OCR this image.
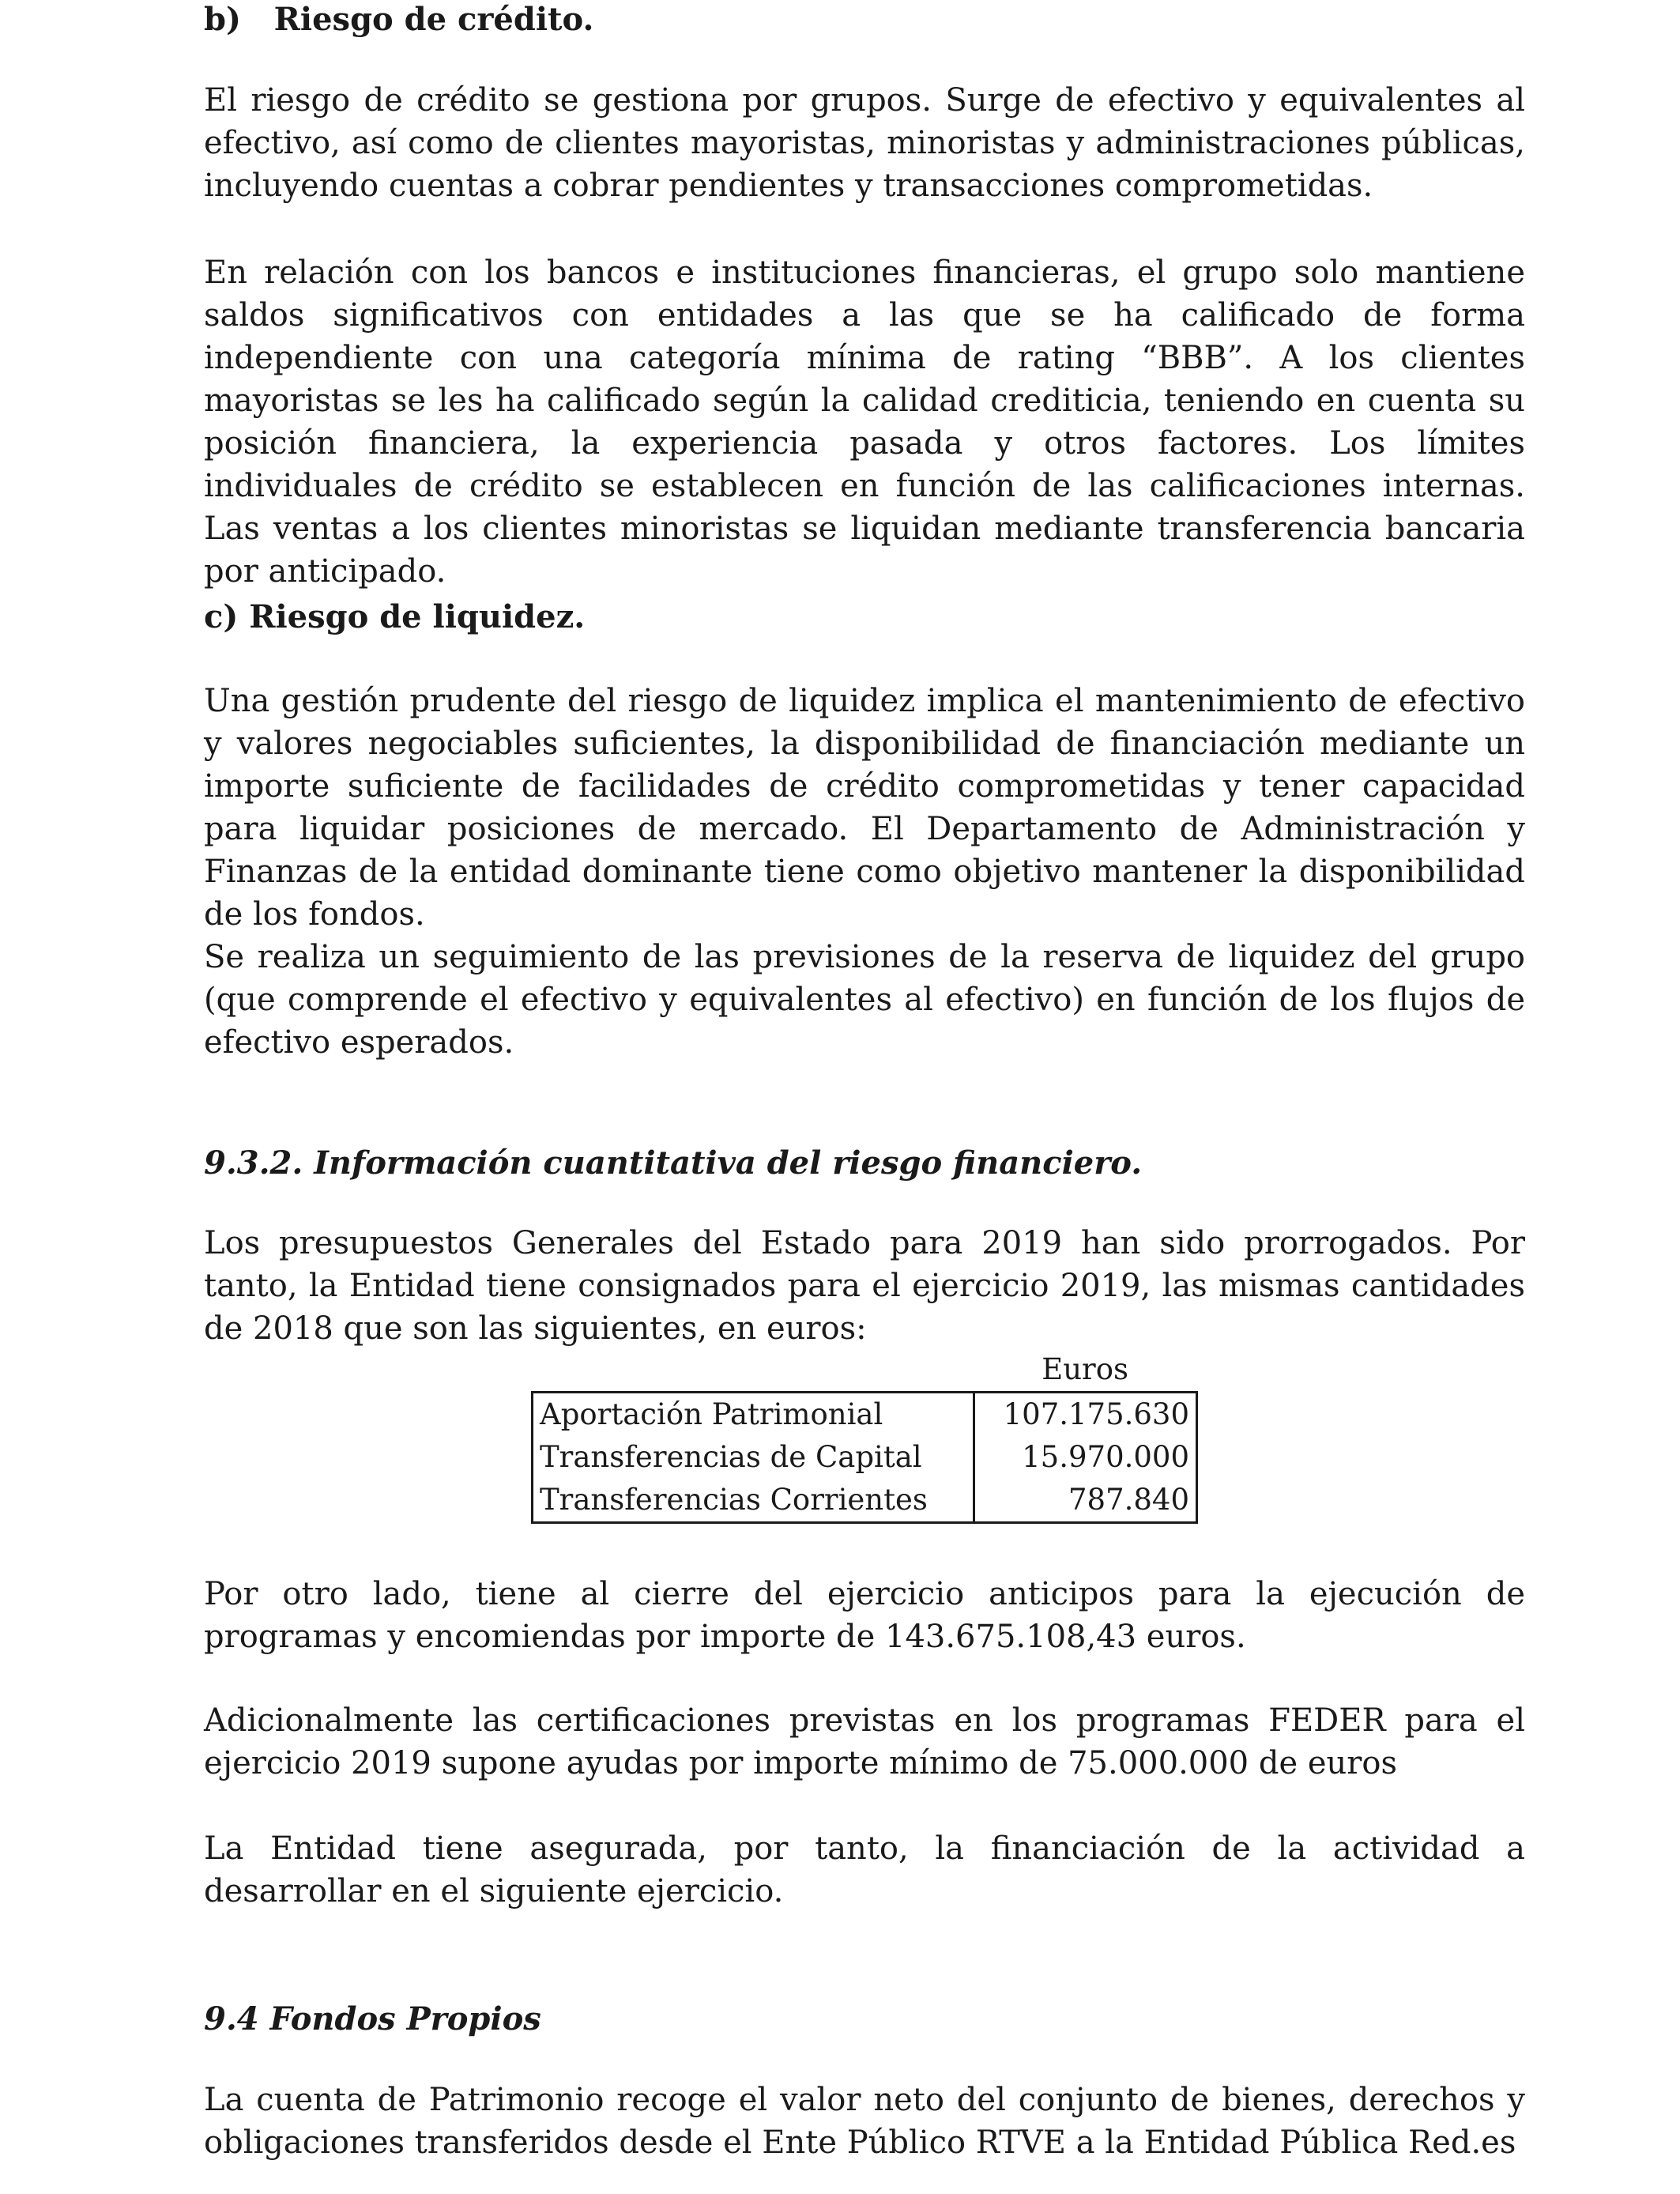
b)   Riesgo de crédito.

El riesgo de crédito se gestiona por grupos. Surge de efectivo y equivalentes al efectivo, así como de clientes mayoristas, minoristas y administraciones públicas, incluyendo cuentas a cobrar pendientes y transacciones comprometidas.

En relación con los bancos e instituciones financieras, el grupo solo mantiene saldos significativos con entidades a las que se ha calificado de forma independiente con una categoría mínima de rating “BBB”. A los clientes mayoristas se les ha calificado según la calidad crediticia, teniendo en cuenta su posición financiera, la experiencia pasada y otros factores. Los límites individuales de crédito se establecen en función de las calificaciones internas. Las ventas a los clientes minoristas se liquidan mediante transferencia bancaria por anticipado.

c) Riesgo de liquidez.

Una gestión prudente del riesgo de liquidez implica el mantenimiento de efectivo y valores negociables suficientes, la disponibilidad de financiación mediante un importe suficiente de facilidades de crédito comprometidas y tener capacidad para liquidar posiciones de mercado. El Departamento de Administración y Finanzas de la entidad dominante tiene como objetivo mantener la disponibilidad de los fondos.

Se realiza un seguimiento de las previsiones de la reserva de liquidez del grupo (que comprende el efectivo y equivalentes al efectivo) en función de los flujos de efectivo esperados.

9.3.2. Información cuantitativa del riesgo financiero.

Los presupuestos Generales del Estado para 2019 han sido prorrogados. Por tanto, la Entidad tiene consignados para el ejercicio 2019, las mismas cantidades de 2018 que son las siguientes, en euros:

Euros
Aportación Patrimonial	107.175.630
Transferencias de Capital	15.970.000
Transferencias Corrientes	787.840

Por otro lado, tiene al cierre del ejercicio anticipos para la ejecución de programas y encomiendas por importe de 143.675.108,43 euros.

Adicionalmente las certificaciones previstas en los programas FEDER para el ejercicio 2019 supone ayudas por importe mínimo de 75.000.000 de euros

La Entidad tiene asegurada, por tanto, la financiación de la actividad a desarrollar en el siguiente ejercicio.

9.4 Fondos Propios

La cuenta de Patrimonio recoge el valor neto del conjunto de bienes, derechos y obligaciones transferidos desde el Ente Público RTVE a la Entidad Pública Red.es
